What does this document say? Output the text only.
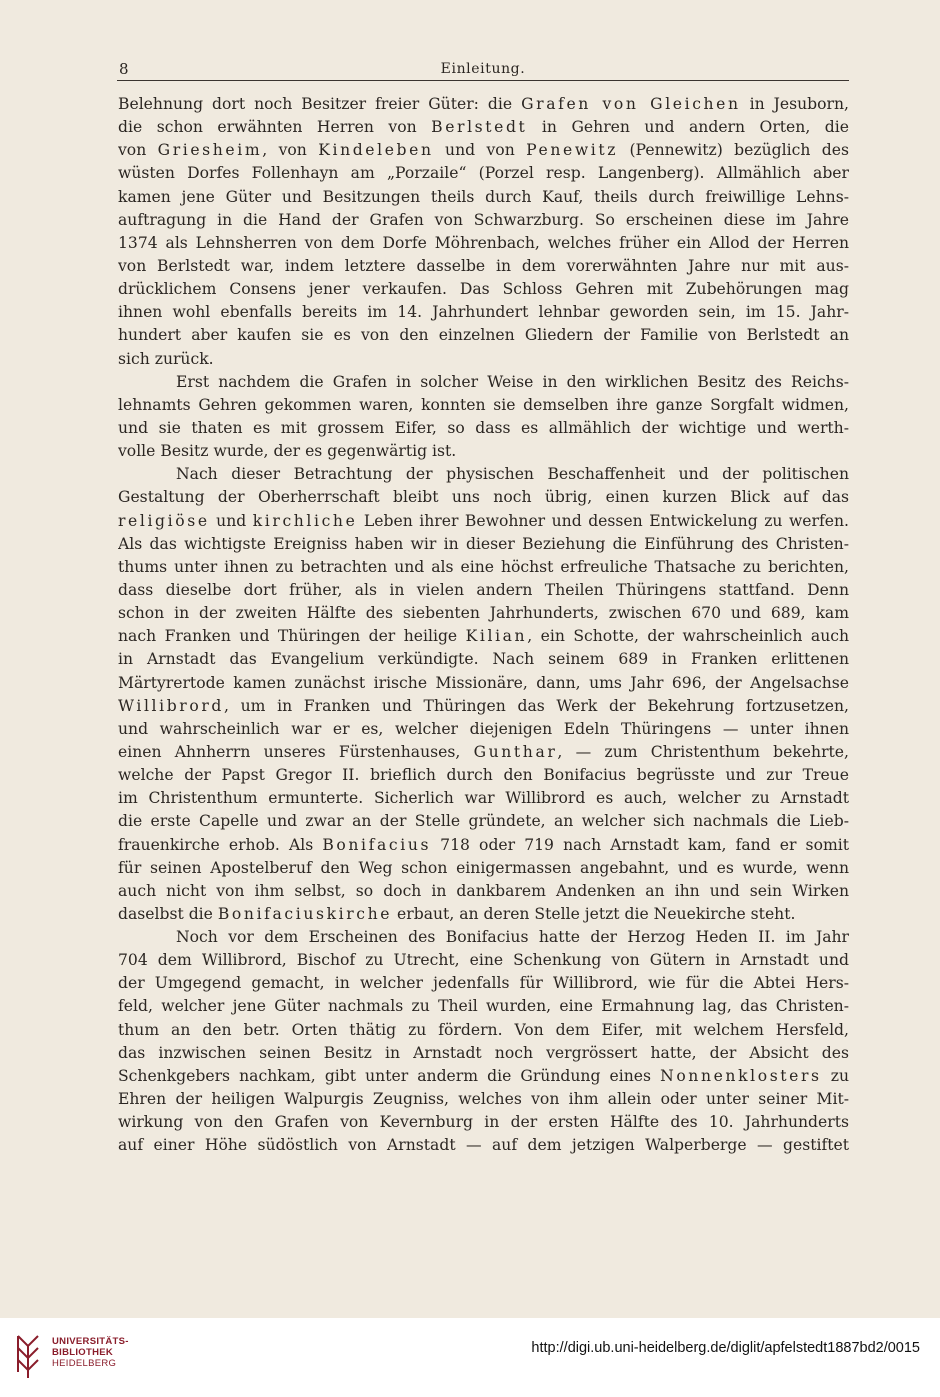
8	Einleitung.
Belehnung dort noch Besitzer freier Güter: die Grafen von Gleichen in Jesuborn,
die schon erwähnten Herren von Berlstedt in Gehren und andern Orten, die
von Griesheim, von Kindeleben und von Penewitz (Pennewitz) bezüglich des
wüsten Dorfes Follenhayn am „Porzaile“ (Porzel resp. Langenberg). Allmählich aber
kamen jene Güter und Besitzungen theils durch Kauf, theils durch freiwillige Lehns-
auftragung in die Hand der Grafen von Schwarzburg. So erscheinen diese im Jahre
1374 als Lehnsherren von dem Dorfe Möhrenbach, welches früher ein Allod der Herren
von Berlstedt war, indem letztere dasselbe in dem vorerwähnten Jahre nur mit aus-
drücklichem Consens jener verkaufen. Das Schloss Gehren mit Zubehörungen mag
ihnen wohl ebenfalls bereits im 14. Jahrhundert lehnbar geworden sein, im 15. Jahr-
hundert aber kaufen sie es von den einzelnen Gliedern der Familie von Berlstedt an
sich zurück.
Erst nachdem die Grafen in solcher Weise in den wirklichen Besitz des Reichs-
lehnamts Gehren gekommen waren, konnten sie demselben ihre ganze Sorgfalt widmen,
und sie thaten es mit grossem Eifer, so dass es allmählich der wichtige und werth-
volle Besitz wurde, der es gegenwärtig ist.
Nach dieser Betrachtung der physischen Beschaffenheit und der politischen
Gestaltung der Oberherrschaft bleibt uns noch übrig, einen kurzen Blick auf das
religiöse und kirchliche Leben ihrer Bewohner und dessen Entwickelung zu werfen.
Als das wichtigste Ereigniss haben wir in dieser Beziehung die Einführung des Christen-
thums unter ihnen zu betrachten und als eine höchst erfreuliche Thatsache zu berichten,
dass dieselbe dort früher, als in vielen andern Theilen Thüringens stattfand. Denn
schon in der zweiten Hälfte des siebenten Jahrhunderts, zwischen 670 und 689, kam
nach Franken und Thüringen der heilige Kilian, ein Schotte, der wahrscheinlich auch
in Arnstadt das Evangelium verkündigte. Nach seinem 689 in Franken erlittenen
Märtyrertode kamen zunächst irische Missionäre, dann, ums Jahr 696, der Angelsachse
Willibrord, um in Franken und Thüringen das Werk der Bekehrung fortzusetzen,
und wahrscheinlich war er es, welcher diejenigen Edeln Thüringens — unter ihnen
einen Ahnherrn unseres Fürstenhauses, Gunthar, — zum Christenthum bekehrte,
welche der Papst Gregor II. brieflich durch den Bonifacius begrüsste und zur Treue
im Christenthum ermunterte. Sicherlich war Willibrord es auch, welcher zu Arnstadt
die erste Capelle und zwar an der Stelle gründete, an welcher sich nachmals die Lieb-
frauenkirche erhob. Als Bonifacius 718 oder 719 nach Arnstadt kam, fand er somit
für seinen Apostelberuf den Weg schon einigermassen angebahnt, und es wurde, wenn
auch nicht von ihm selbst, so doch in dankbarem Andenken an ihn und sein Wirken
daselbst die Bonifaciuskirche erbaut, an deren Stelle jetzt die Neuekirche steht.
Noch vor dem Erscheinen des Bonifacius hatte der Herzog Heden II. im Jahr
704 dem Willibrord, Bischof zu Utrecht, eine Schenkung von Gütern in Arnstadt und
der Umgegend gemacht, in welcher jedenfalls für Willibrord, wie für die Abtei Hers-
feld, welcher jene Güter nachmals zu Theil wurden, eine Ermahnung lag, das Christen-
thum an den betr. Orten thätig zu fördern. Von dem Eifer, mit welchem Hersfeld,
das inzwischen seinen Besitz in Arnstadt noch vergrössert hatte, der Absicht des
Schenkgebers nachkam, gibt unter anderm die Gründung eines Nonnenklosters zu
Ehren der heiligen Walpurgis Zeugniss, welches von ihm allein oder unter seiner Mit-
wirkung von den Grafen von Kevernburg in der ersten Hälfte des 10. Jahrhunderts
auf einer Höhe südöstlich von Arnstadt — auf dem jetzigen Walperberge — gestiftet
UNIVERSITÄTS-
BIBLIOTHEK
HEIDELBERG
http://digi.ub.uni-heidelberg.de/diglit/apfelstedt1887bd2/0015
